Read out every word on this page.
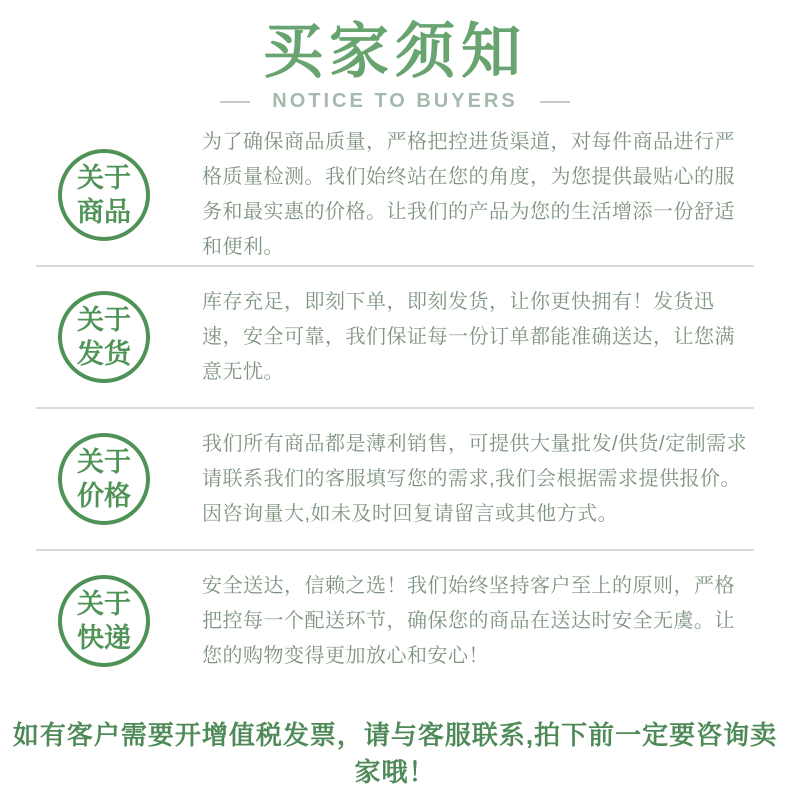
买家须知
NOTICE TO BUYERS
关于
商品
为了确保商品质量，严格把控进货渠道，对每件商品进行严格质量检测。我们始终站在您的角度，为您提供最贴心的服务和最实惠的价格。让我们的产品为您的生活增添一份舒适和便利。
关于
发货
库存充足，即刻下单，即刻发货，让你更快拥有！发货迅速，安全可靠，我们保证每一份订单都能准确送达，让您满意无忧。
关于
价格
我们所有商品都是薄利销售，可提供大量批发/供货/定制需求请联系我们的客服填写您的需求,我们会根据需求提供报价。因咨询量大,如未及时回复请留言或其他方式。
关于
快递
安全送达，信赖之选！我们始终坚持客户至上的原则，严格把控每一个配送环节，确保您的商品在送达时安全无虞。让您的购物变得更加放心和安心！
如有客户需要开增值税发票，请与客服联系,拍下前一定要咨询卖家哦！
